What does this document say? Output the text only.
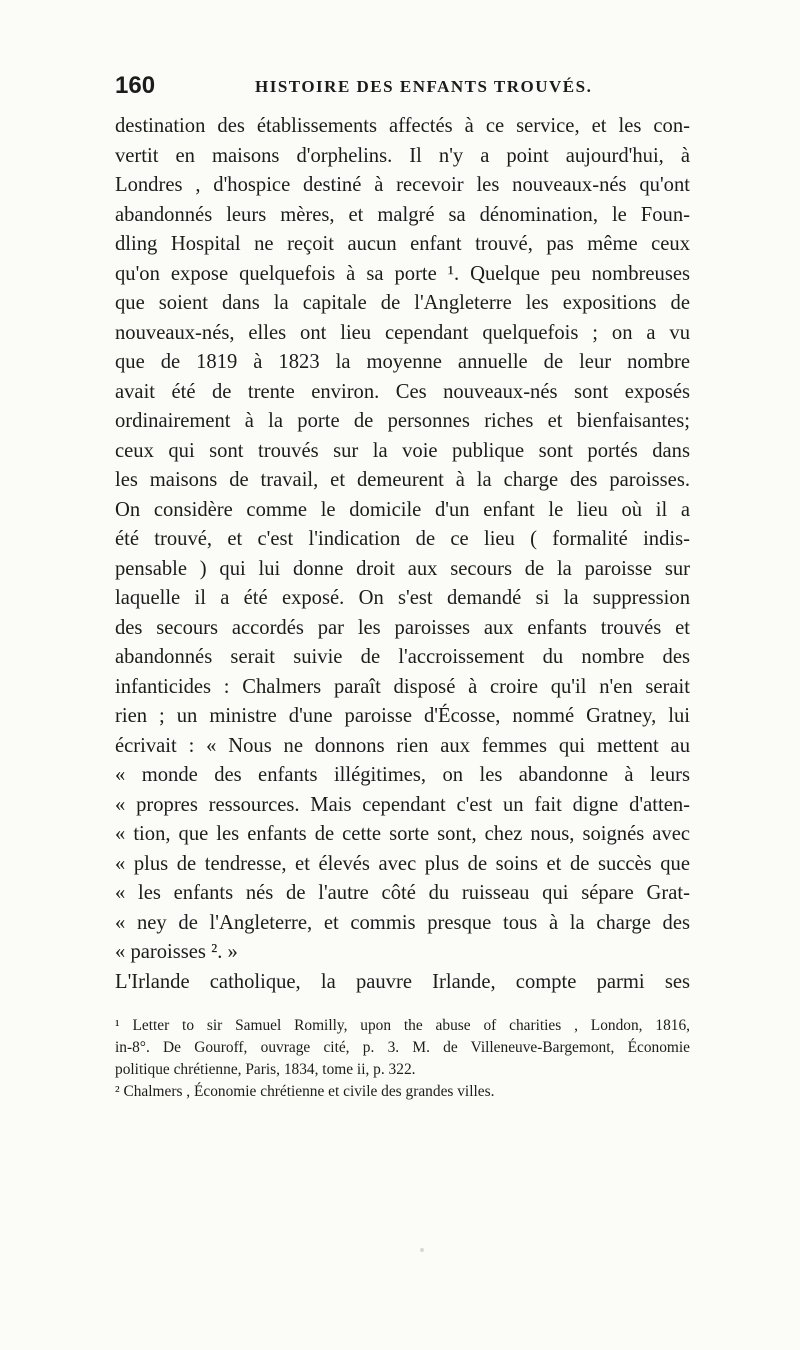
160	HISTOIRE DES ENFANTS TROUVÉS.
destination des établissements affectés à ce service, et les con-
vertit en maisons d'orphelins. Il n'y a point aujourd'hui, à
Londres , d'hospice destiné à recevoir les nouveaux-nés qu'ont
abandonnés leurs mères, et malgré sa dénomination, le Foun-
dling Hospital ne reçoit aucun enfant trouvé, pas même ceux
qu'on expose quelquefois à sa porte ¹. Quelque peu nombreuses
que soient dans la capitale de l'Angleterre les expositions de
nouveaux-nés, elles ont lieu cependant quelquefois ; on a vu
que de 1819 à 1823 la moyenne annuelle de leur nombre
avait été de trente environ. Ces nouveaux-nés sont exposés
ordinairement à la porte de personnes riches et bienfaisantes;
ceux qui sont trouvés sur la voie publique sont portés dans
les maisons de travail, et demeurent à la charge des paroisses.
On considère comme le domicile d'un enfant le lieu où il a
été trouvé, et c'est l'indication de ce lieu ( formalité indis-
pensable ) qui lui donne droit aux secours de la paroisse sur
laquelle il a été exposé. On s'est demandé si la suppression
des secours accordés par les paroisses aux enfants trouvés et
abandonnés serait suivie de l'accroissement du nombre des
infanticides : Chalmers paraît disposé à croire qu'il n'en serait
rien ; un ministre d'une paroisse d'Écosse, nommé Gratney, lui
écrivait : « Nous ne donnons rien aux femmes qui mettent au
« monde des enfants illégitimes, on les abandonne à leurs
« propres ressources. Mais cependant c'est un fait digne d'atten-
« tion, que les enfants de cette sorte sont, chez nous, soignés avec
« plus de tendresse, et élevés avec plus de soins et de succès que
« les enfants nés de l'autre côté du ruisseau qui sépare Grat-
« ney de l'Angleterre, et commis presque tous à la charge des
« paroisses ². »
L'Irlande catholique, la pauvre Irlande, compte parmi ses
¹ Letter to sir Samuel Romilly, upon the abuse of charities , London, 1816,
in-8°. De Gouroff, ouvrage cité, p. 3. M. de Villeneuve-Bargemont, Économie
politique chrétienne, Paris, 1834, tome ii, p. 322.
² Chalmers , Économie chrétienne et civile des grandes villes.
